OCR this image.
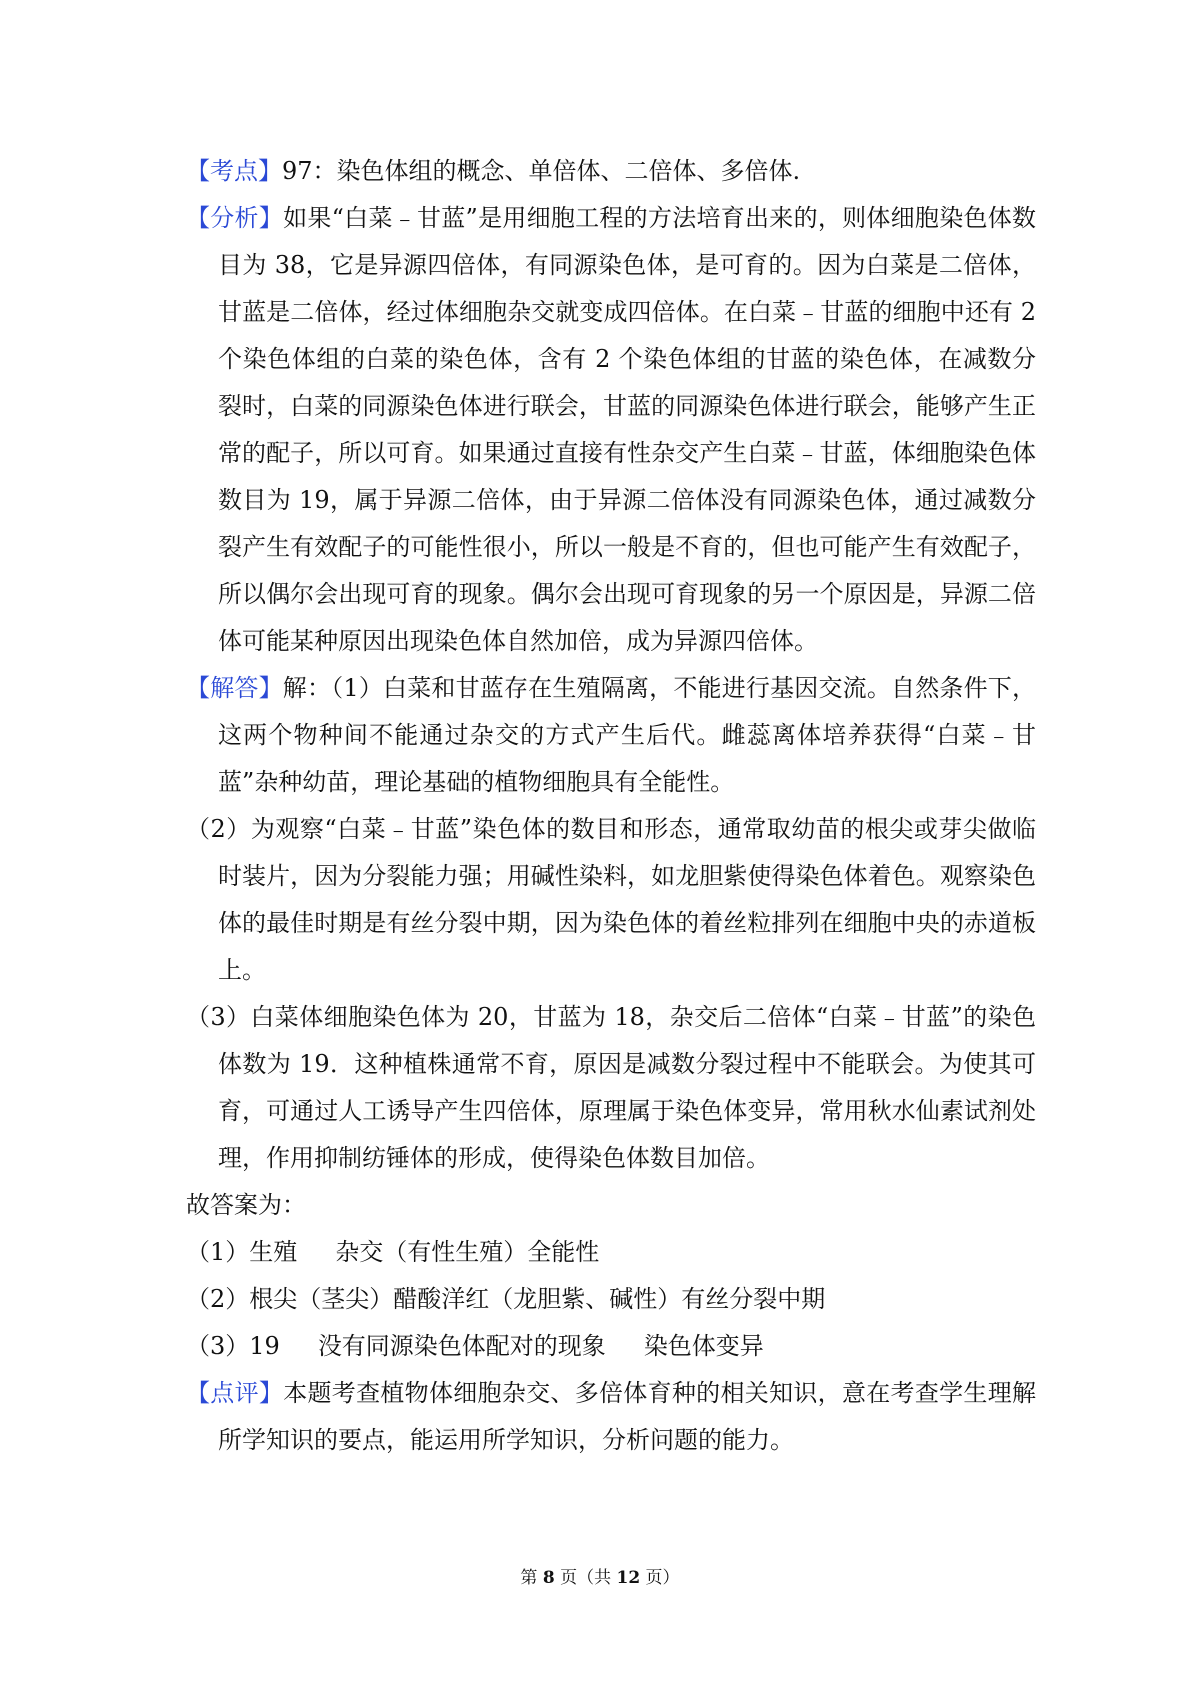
【考点】97：染色体组的概念、单倍体、二倍体、多倍体.

【分析】如果“白菜﹣甘蓝”是用细胞工程的方法培育出来的，则体细胞染色体数目为 38，它是异源四倍体，有同源染色体，是可育的。因为白菜是二倍体，甘蓝是二倍体，经过体细胞杂交就变成四倍体。在白菜﹣甘蓝的细胞中还有 2 个染色体组的白菜的染色体，含有 2 个染色体组的甘蓝的染色体，在减数分裂时，白菜的同源染色体进行联会，甘蓝的同源染色体进行联会，能够产生正常的配子，所以可育。如果通过直接有性杂交产生白菜﹣甘蓝，体细胞染色体数目为 19，属于异源二倍体，由于异源二倍体没有同源染色体，通过减数分裂产生有效配子的可能性很小，所以一般是不育的，但也可能产生有效配子，所以偶尔会出现可育的现象。偶尔会出现可育现象的另一个原因是，异源二倍体可能某种原因出现染色体自然加倍，成为异源四倍体。

【解答】解：（1）白菜和甘蓝存在生殖隔离，不能进行基因交流。自然条件下，这两个物种间不能通过杂交的方式产生后代。雌蕊离体培养获得“白菜﹣甘蓝”杂种幼苗，理论基础的植物细胞具有全能性。

（2）为观察“白菜﹣甘蓝”染色体的数目和形态，通常取幼苗的根尖或芽尖做临时装片，因为分裂能力强；用碱性染料，如龙胆紫使得染色体着色。观察染色体的最佳时期是有丝分裂中期，因为染色体的着丝粒排列在细胞中央的赤道板上。

（3）白菜体细胞染色体为 20，甘蓝为 18，杂交后二倍体“白菜﹣甘蓝”的染色体数为 19．这种植株通常不育，原因是减数分裂过程中不能联会。为使其可育，可通过人工诱导产生四倍体，原理属于染色体变异，常用秋水仙素试剂处理，作用抑制纺锤体的形成，使得染色体数目加倍。

故答案为：

（1）生殖 杂交（有性生殖）全能性

（2）根尖（茎尖）醋酸洋红（龙胆紫、碱性）有丝分裂中期

（3）19 没有同源染色体配对的现象 染色体变异

【点评】本题考查植物体细胞杂交、多倍体育种的相关知识，意在考查学生理解所学知识的要点，能运用所学知识，分析问题的能力。

第 8 页（共 12 页）
